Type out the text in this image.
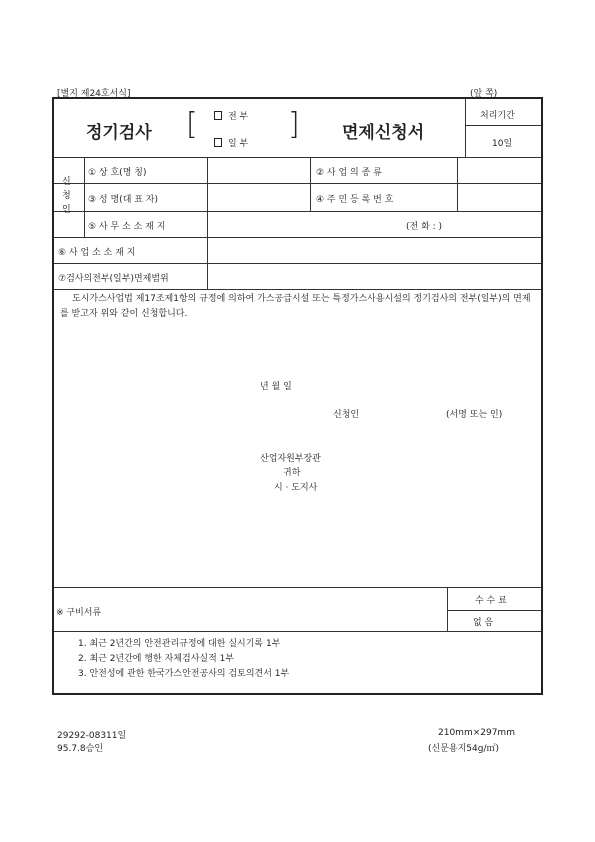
[별지 제24호서식]	(앞 쪽)
정기검사 [	전 부
일 부
] 면제신청서
처리기간
10일
신
청
인
① 상 호(명 칭)	② 사 업 의 종 류
③ 성 명(대 표 자)	④ 주 민 등 록 번 호
⑤ 사 무 소 소 재 지	(전 화 : )
⑥ 사 업 소 소 재 지
⑦검사의전부(일부)면제범위
도시가스사업법 제17조제1항의 규정에 의하여 가스공급시설 또는 특정가스사용시설의 정기검사의 전부(일부)의 면제를 받고자 위와 같이 신청합니다.
년 월 일
신청인	(서명 또는 인)
산업자원부장관
귀하
시 · 도지사
※ 구비서류
수 수 료
없 음
1. 최근 2년간의 안전관리규정에 대한 실시기록 1부
2. 최근 2년간에 행한 자체검사실적 1부
3. 안전성에 관한 한국가스안전공사의 검토의견서 1부
29292-08311일
95.7.8승인
210mm×297mm
(신문용지54g/㎡)
